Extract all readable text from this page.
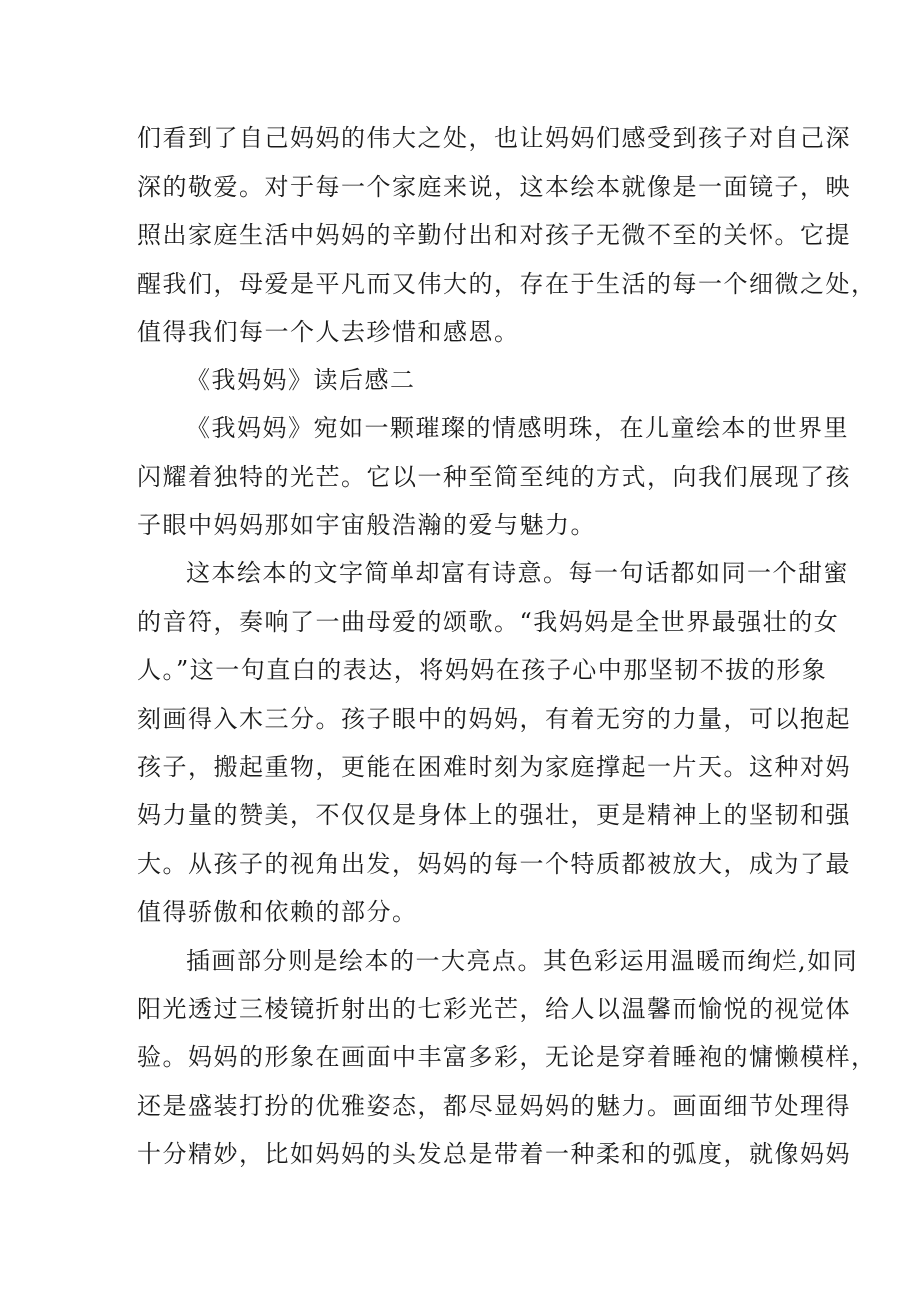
们看到了自己妈妈的伟大之处，也让妈妈们感受到孩子对自己深
深的敬爱。对于每一个家庭来说，这本绘本就像是一面镜子，映
照出家庭生活中妈妈的辛勤付出和对孩子无微不至的关怀。它提
醒我们，母爱是平凡而又伟大的，存在于生活的每一个细微之处，
值得我们每一个人去珍惜和感恩。
《我妈妈》读后感二
《我妈妈》宛如一颗璀璨的情感明珠，在儿童绘本的世界里
闪耀着独特的光芒。它以一种至简至纯的方式，向我们展现了孩
子眼中妈妈那如宇宙般浩瀚的爱与魅力。
这本绘本的文字简单却富有诗意。每一句话都如同一个甜蜜
的音符，奏响了一曲母爱的颂歌。“我妈妈是全世界最强壮的女
人。”这一句直白的表达，将妈妈在孩子心中那坚韧不拔的形象
刻画得入木三分。孩子眼中的妈妈，有着无穷的力量，可以抱起
孩子，搬起重物，更能在困难时刻为家庭撑起一片天。这种对妈
妈力量的赞美，不仅仅是身体上的强壮，更是精神上的坚韧和强
大。从孩子的视角出发，妈妈的每一个特质都被放大，成为了最
值得骄傲和依赖的部分。
插画部分则是绘本的一大亮点。其色彩运用温暖而绚烂,如同
阳光透过三棱镜折射出的七彩光芒，给人以温馨而愉悦的视觉体
验。妈妈的形象在画面中丰富多彩，无论是穿着睡袍的慵懒模样，
还是盛装打扮的优雅姿态，都尽显妈妈的魅力。画面细节处理得
十分精妙，比如妈妈的头发总是带着一种柔和的弧度，就像妈妈
